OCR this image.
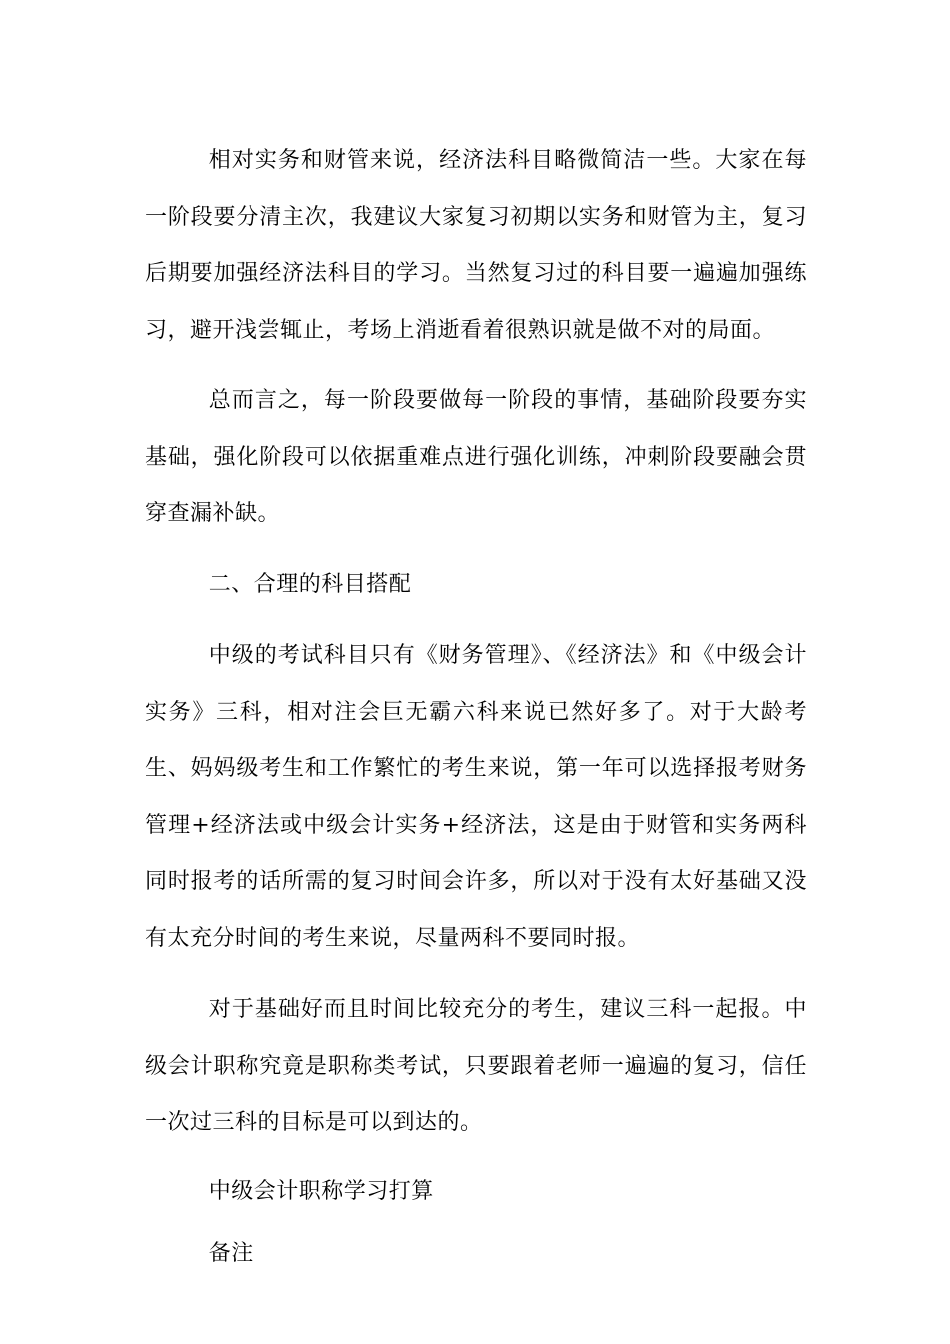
相对实务和财管来说，经济法科目略微简洁一些。大家在每一阶段要分清主次，我建议大家复习初期以实务和财管为主，复习后期要加强经济法科目的学习。当然复习过的科目要一遍遍加强练习，避开浅尝辄止，考场上消逝看着很熟识就是做不对的局面。

总而言之，每一阶段要做每一阶段的事情，基础阶段要夯实基础，强化阶段可以依据重难点进行强化训练，冲刺阶段要融会贯穿查漏补缺。

二、合理的科目搭配

中级的考试科目只有《财务管理》、《经济法》和《中级会计实务》三科，相对注会巨无霸六科来说已然好多了。对于大龄考生、妈妈级考生和工作繁忙的考生来说，第一年可以选择报考财务管理+经济法或中级会计实务+经济法，这是由于财管和实务两科同时报考的话所需的复习时间会许多，所以对于没有太好基础又没有太充分时间的考生来说，尽量两科不要同时报。

对于基础好而且时间比较充分的考生，建议三科一起报。中级会计职称究竟是职称类考试，只要跟着老师一遍遍的复习，信任一次过三科的目标是可以到达的。

中级会计职称学习打算

备注
